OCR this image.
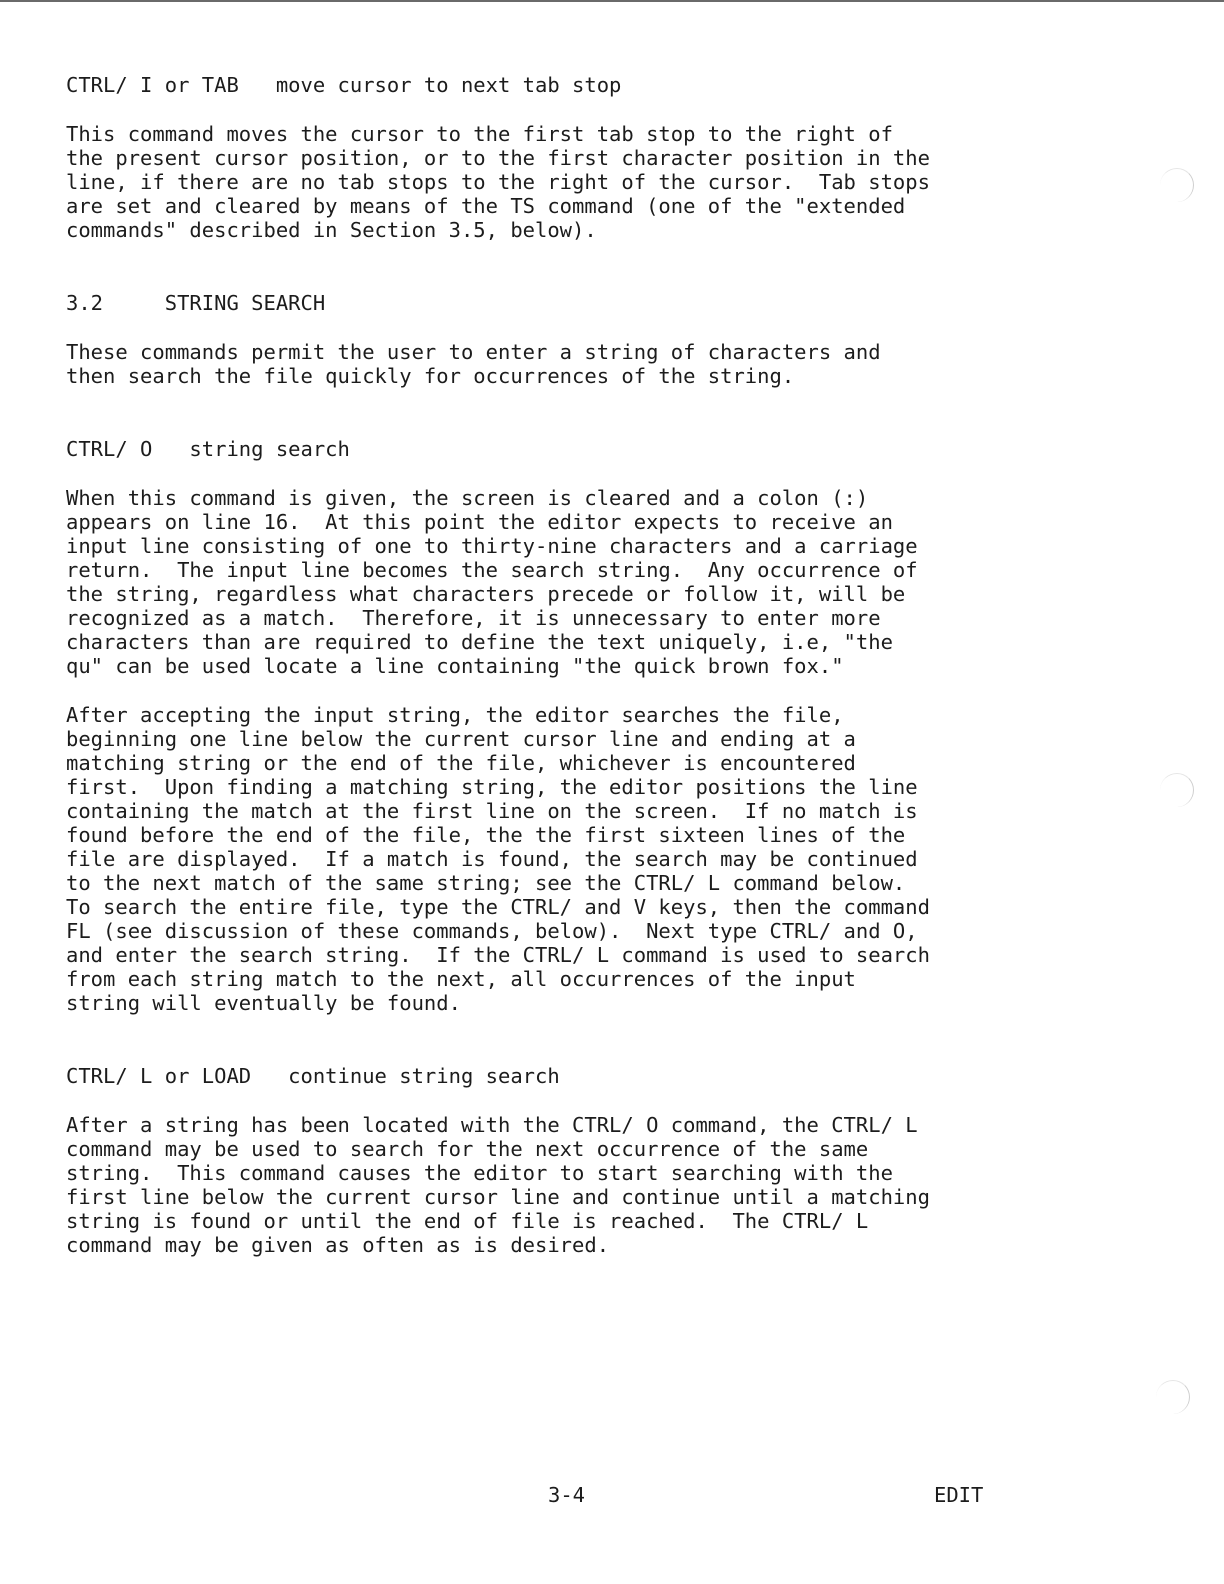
CTRL/ I or TAB   move cursor to next tab stop

This command moves the cursor to the first tab stop to the right of
the present cursor position, or to the first character position in the
line, if there are no tab stops to the right of the cursor.  Tab stops
are set and cleared by means of the TS command (one of the "extended
commands" described in Section 3.5, below).

3.2     STRING SEARCH

These commands permit the user to enter a string of characters and
then search the file quickly for occurrences of the string.

CTRL/ O   string search

When this command is given, the screen is cleared and a colon (:)
appears on line 16.  At this point the editor expects to receive an
input line consisting of one to thirty-nine characters and a carriage
return.  The input line becomes the search string.  Any occurrence of
the string, regardless what characters precede or follow it, will be
recognized as a match.  Therefore, it is unnecessary to enter more
characters than are required to define the text uniquely, i.e, "the
qu" can be used locate a line containing "the quick brown fox."

After accepting the input string, the editor searches the file,
beginning one line below the current cursor line and ending at a
matching string or the end of the file, whichever is encountered
first.  Upon finding a matching string, the editor positions the line
containing the match at the first line on the screen.  If no match is
found before the end of the file, the the first sixteen lines of the
file are displayed.  If a match is found, the search may be continued
to the next match of the same string; see the CTRL/ L command below.
To search the entire file, type the CTRL/ and V keys, then the command
FL (see discussion of these commands, below).  Next type CTRL/ and O,
and enter the search string.  If the CTRL/ L command is used to search
from each string match to the next, all occurrences of the input
string will eventually be found.

CTRL/ L or LOAD   continue string search

After a string has been located with the CTRL/ O command, the CTRL/ L
command may be used to search for the next occurrence of the same
string.  This command causes the editor to start searching with the
first line below the current cursor line and continue until a matching
string is found or until the end of file is reached.  The CTRL/ L
command may be given as often as is desired.

3-4	EDIT
